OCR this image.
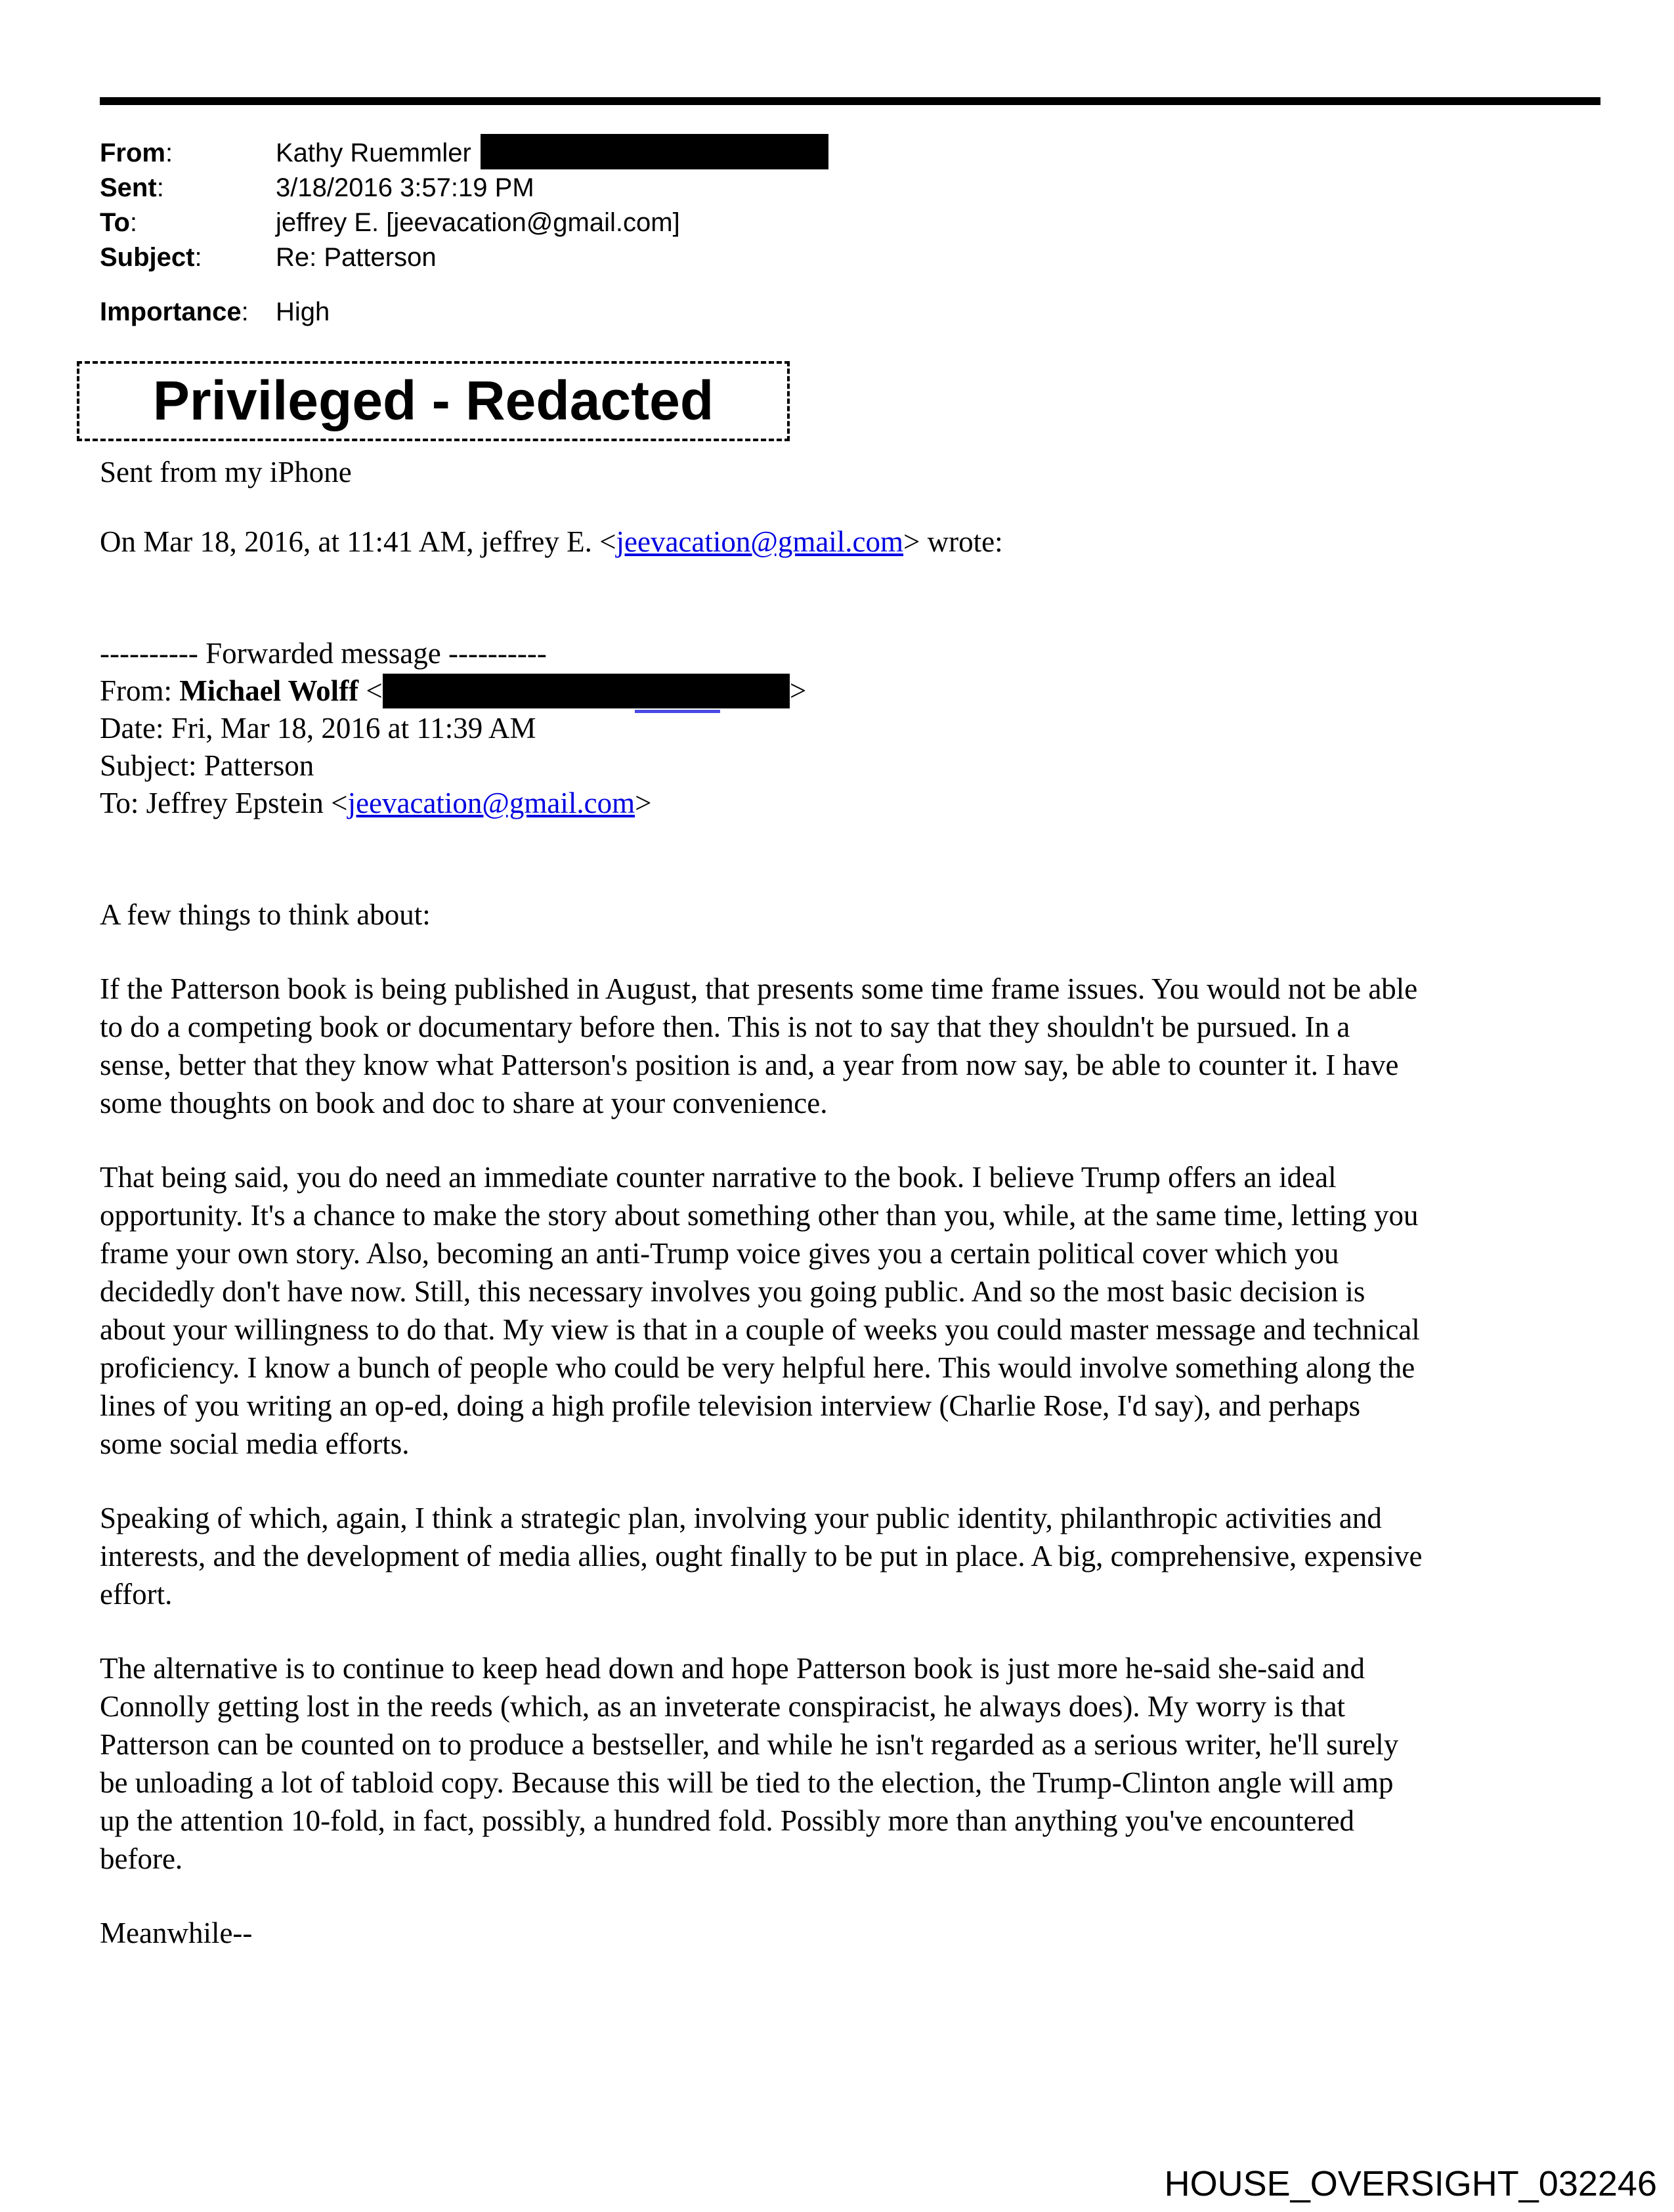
From:	Kathy Ruemmler
Sent:	3/18/2016 3:57:19 PM
To:	jeffrey E. [jeevacation@gmail.com]
Subject:	Re: Patterson
Importance: High
Privileged - Redacted
Sent from my iPhone
On Mar 18, 2016, at 11:41 AM, jeffrey E. <jeevacation@gmail.com> wrote:
---------- Forwarded message ----------
From: Michael Wolff <	>
Date: Fri, Mar 18, 2016 at 11:39 AM
Subject: Patterson
To: Jeffrey Epstein <jeevacation@gmail.com>
A few things to think about:
If the Patterson book is being published in August, that presents some time frame issues. You would not be able
to do a competing book or documentary before then. This is not to say that they shouldn't be pursued. In a
sense, better that they know what Patterson's position is and, a year from now say, be able to counter it. I have
some thoughts on book and doc to share at your convenience.
That being said, you do need an immediate counter narrative to the book. I believe Trump offers an ideal
opportunity. It's a chance to make the story about something other than you, while, at the same time, letting you
frame your own story. Also, becoming an anti-Trump voice gives you a certain political cover which you
decidedly don't have now. Still, this necessary involves you going public. And so the most basic decision is
about your willingness to do that. My view is that in a couple of weeks you could master message and technical
proficiency. I know a bunch of people who could be very helpful here. This would involve something along the
lines of you writing an op-ed, doing a high profile television interview (Charlie Rose, I'd say), and perhaps
some social media efforts.
Speaking of which, again, I think a strategic plan, involving your public identity, philanthropic activities and
interests, and the development of media allies, ought finally to be put in place. A big, comprehensive, expensive
effort.
The alternative is to continue to keep head down and hope Patterson book is just more he-said she-said and
Connolly getting lost in the reeds (which, as an inveterate conspiracist, he always does). My worry is that
Patterson can be counted on to produce a bestseller, and while he isn't regarded as a serious writer, he'll surely
be unloading a lot of tabloid copy. Because this will be tied to the election, the Trump-Clinton angle will amp
up the attention 10-fold, in fact, possibly, a hundred fold. Possibly more than anything you've encountered
before.
Meanwhile--
HOUSE_OVERSIGHT_032246
